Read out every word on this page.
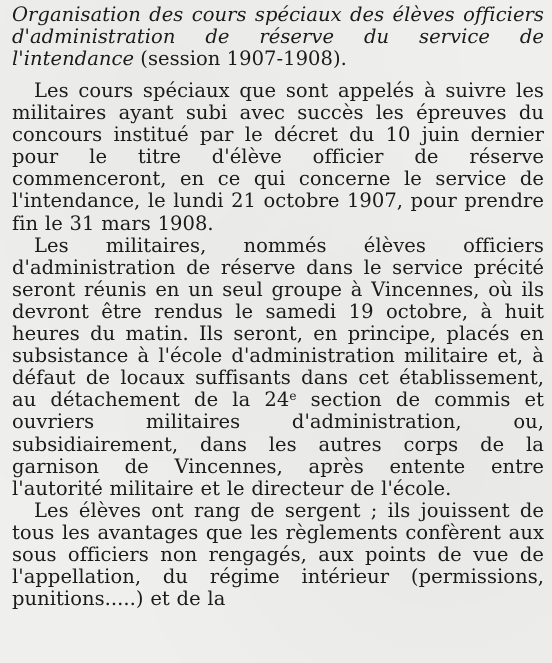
Organisation des cours spéciaux des élèves officiers d'administration de réserve du service de l'intendance (session 1907-1908).

Les cours spéciaux que sont appelés à suivre les militaires ayant subi avec succès les épreuves du concours institué par le décret du 10 juin dernier pour le titre d'élève officier de réserve commenceront, en ce qui concerne le service de l'intendance, le lundi 21 octobre 1907, pour prendre fin le 31 mars 1908.

Les militaires, nommés élèves officiers d'administration de réserve dans le service précité seront réunis en un seul groupe à Vincennes, où ils devront être rendus le samedi 19 octobre, à huit heures du matin. Ils seront, en principe, placés en subsistance à l'école d'administration militaire et, à défaut de locaux suffisants dans cet établissement, au détachement de la 24e section de commis et ouvriers militaires d'administration, ou, subsidiairement, dans les autres corps de la garnison de Vincennes, après entente entre l'autorité militaire et le directeur de l'école.

Les élèves ont rang de sergent ; ils jouissent de tous les avantages que les règlements confèrent aux sous officiers non rengagés, aux points de vue de l'appellation, du régime intérieur (permissions, punitions.....) et de la
